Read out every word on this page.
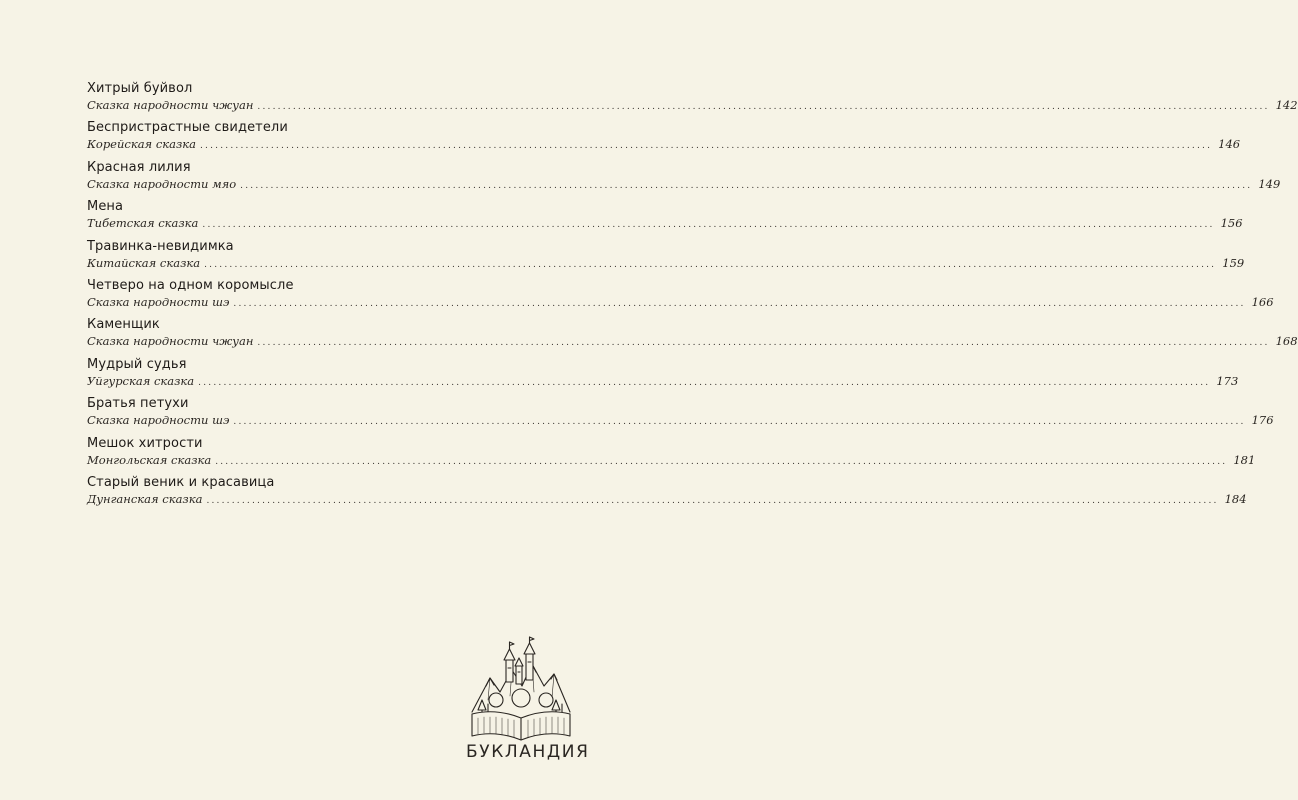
Хитрый буйвол
Сказка народности чжуан ........................................................................................................................................................................................................ 142
Беспристрастные свидетели
Корейская сказка ........................................................................................................................................................................................................ 146
Красная лилия
Сказка народности мяо ........................................................................................................................................................................................................ 149
Мена
Тибетская сказка ........................................................................................................................................................................................................ 156
Травинка-невидимка
Китайская сказка ........................................................................................................................................................................................................ 159
Четверо на одном коромысле
Сказка народности шэ ........................................................................................................................................................................................................ 166
Каменщик
Сказка народности чжуан ........................................................................................................................................................................................................ 168
Мудрый судья
Уйгурская сказка ........................................................................................................................................................................................................ 173
Братья петухи
Сказка народности шэ ........................................................................................................................................................................................................ 176
Мешок хитрости
Монгольская сказка ........................................................................................................................................................................................................ 181
Старый веник и красавица
Дунганская сказка ........................................................................................................................................................................................................ 184
БУКЛАНДИЯ
